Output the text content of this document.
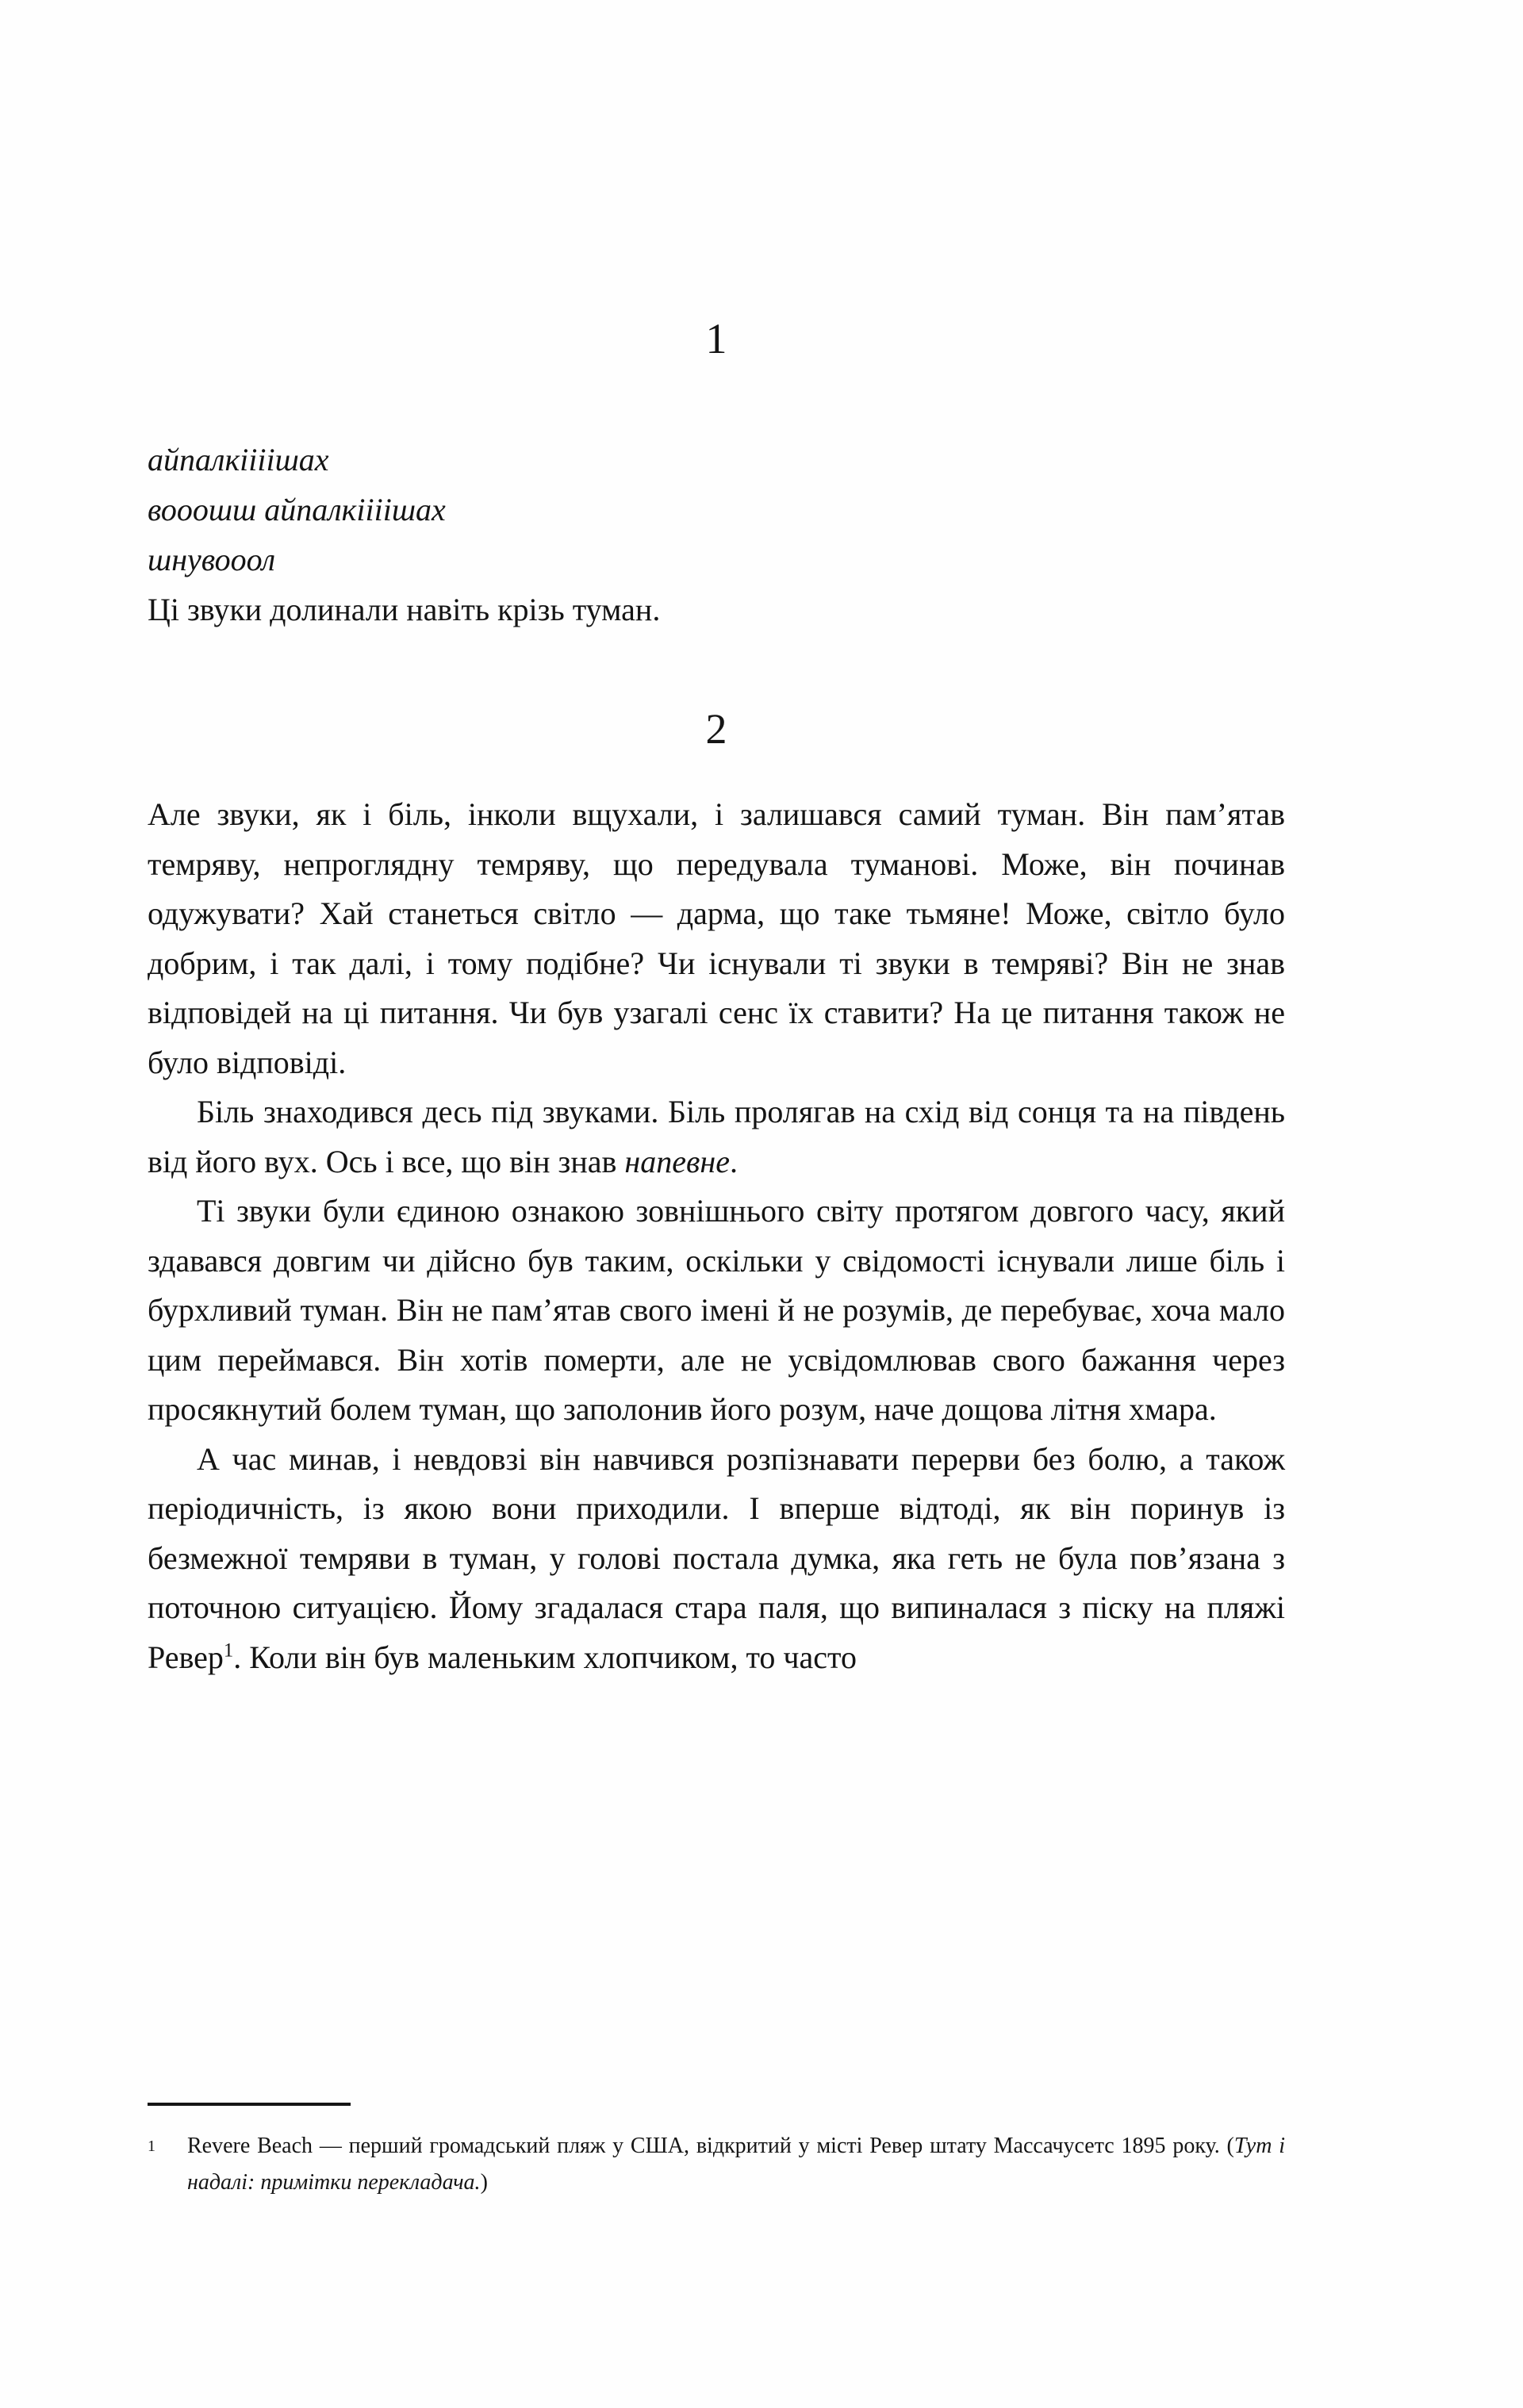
1
айпалкіііішах
вооошш айпалкіііішах
шнувооол
Ці звуки долинали навіть крізь туман.
2

Але звуки, як і біль, інколи вщухали, і залишався самий туман. Він пам’ятав темряву, непроглядну темряву, що передувала туманові. Може, він починав одужувати? Хай станеться світло — дарма, що таке тьмяне! Може, світло було добрим, і так далі, і тому подібне? Чи існували ті звуки в темряві? Він не знав відповідей на ці питання. Чи був узагалі сенс їх ставити? На це питання також не було відповіді.

Біль знаходився десь під звуками. Біль пролягав на схід від сонця та на південь від його вух. Ось і все, що він знав напевне.

Ті звуки були єдиною ознакою зовнішнього світу протягом довгого часу, який здавався довгим чи дійсно був таким, оскільки у свідомості існували лише біль і бурхливий туман. Він не пам’ятав свого імені й не розумів, де перебуває, хоча мало цим переймався. Він хотів померти, але не усвідомлював свого бажання через просякнутий болем туман, що заполонив його розум, наче дощова літня хмара.

А час минав, і невдовзі він навчився розпізнавати перерви без болю, а також періодичність, із якою вони приходили. І вперше відтоді, як він поринув із безмежної темряви в туман, у голові постала думка, яка геть не була пов’язана з поточною ситуацією. Йому згадалася стара паля, що випиналася з піску на пляжі Ревер$^1$. Коли він був маленьким хлопчиком, то часто

1	Revere Beach — перший громадський пляж у США, відкритий у місті Ревер штату Массачусетс 1895 року. (Тут і надалі: примітки перекладача.)
